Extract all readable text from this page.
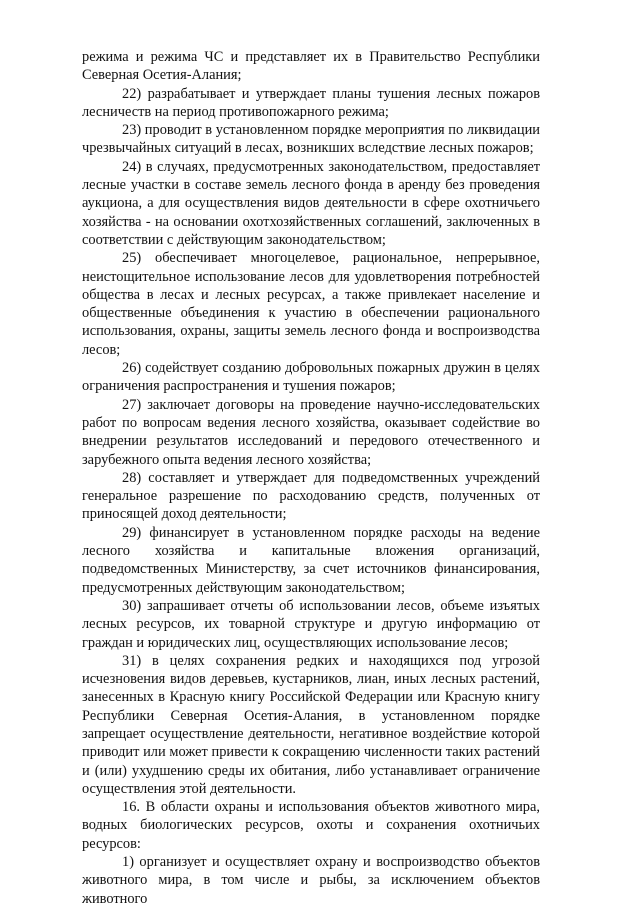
режима и режима ЧС и представляет их в Правительство Республики Северная Осетия-Алания;

22) разрабатывает и утверждает планы тушения лесных пожаров лесничеств на период противопожарного режима;

23) проводит в установленном порядке мероприятия по ликвидации чрезвычайных ситуаций в лесах, возникших вследствие лесных пожаров;

24) в случаях, предусмотренных законодательством, предоставляет лесные участки в составе земель лесного фонда в аренду без проведения аукциона, а для осуществления видов деятельности в сфере охотничьего хозяйства - на основании охотхозяйственных соглашений, заключенных в соответствии с действующим законодательством;

25) обеспечивает многоцелевое, рациональное, непрерывное, неистощительное использование лесов для удовлетворения потребностей общества в лесах и лесных ресурсах, а также привлекает население и общественные объединения к участию в обеспечении рационального использования, охраны, защиты земель лесного фонда и воспроизводства лесов;

26) содействует созданию добровольных пожарных дружин в целях ограничения распространения и тушения пожаров;

27) заключает договоры на проведение научно-исследовательских работ по вопросам ведения лесного хозяйства, оказывает содействие во внедрении результатов исследований и передового отечественного и зарубежного опыта ведения лесного хозяйства;

28) составляет и утверждает для подведомственных учреждений генеральное разрешение по расходованию средств, полученных от приносящей доход деятельности;

29) финансирует в установленном порядке расходы на ведение лесного хозяйства и капитальные вложения организаций, подведомственных Министерству, за счет источников финансирования, предусмотренных действующим законодательством;

30) запрашивает отчеты об использовании лесов, объеме изъятых лесных ресурсов, их товарной структуре и другую информацию от граждан и юридических лиц, осуществляющих использование лесов;

31) в целях сохранения редких и находящихся под угрозой исчезновения видов деревьев, кустарников, лиан, иных лесных растений, занесенных в Красную книгу Российской Федерации или Красную книгу Республики Северная Осетия-Алания, в установленном порядке запрещает осуществление деятельности, негативное воздействие которой приводит или может привести к сокращению численности таких растений и (или) ухудшению среды их обитания, либо устанавливает ограничение осуществления этой деятельности.

16. В области охраны и использования объектов животного мира, водных биологических ресурсов, охоты и сохранения охотничьих ресурсов:

1) организует и осуществляет охрану и воспроизводство объектов животного мира, в том числе и рыбы, за исключением объектов животного
